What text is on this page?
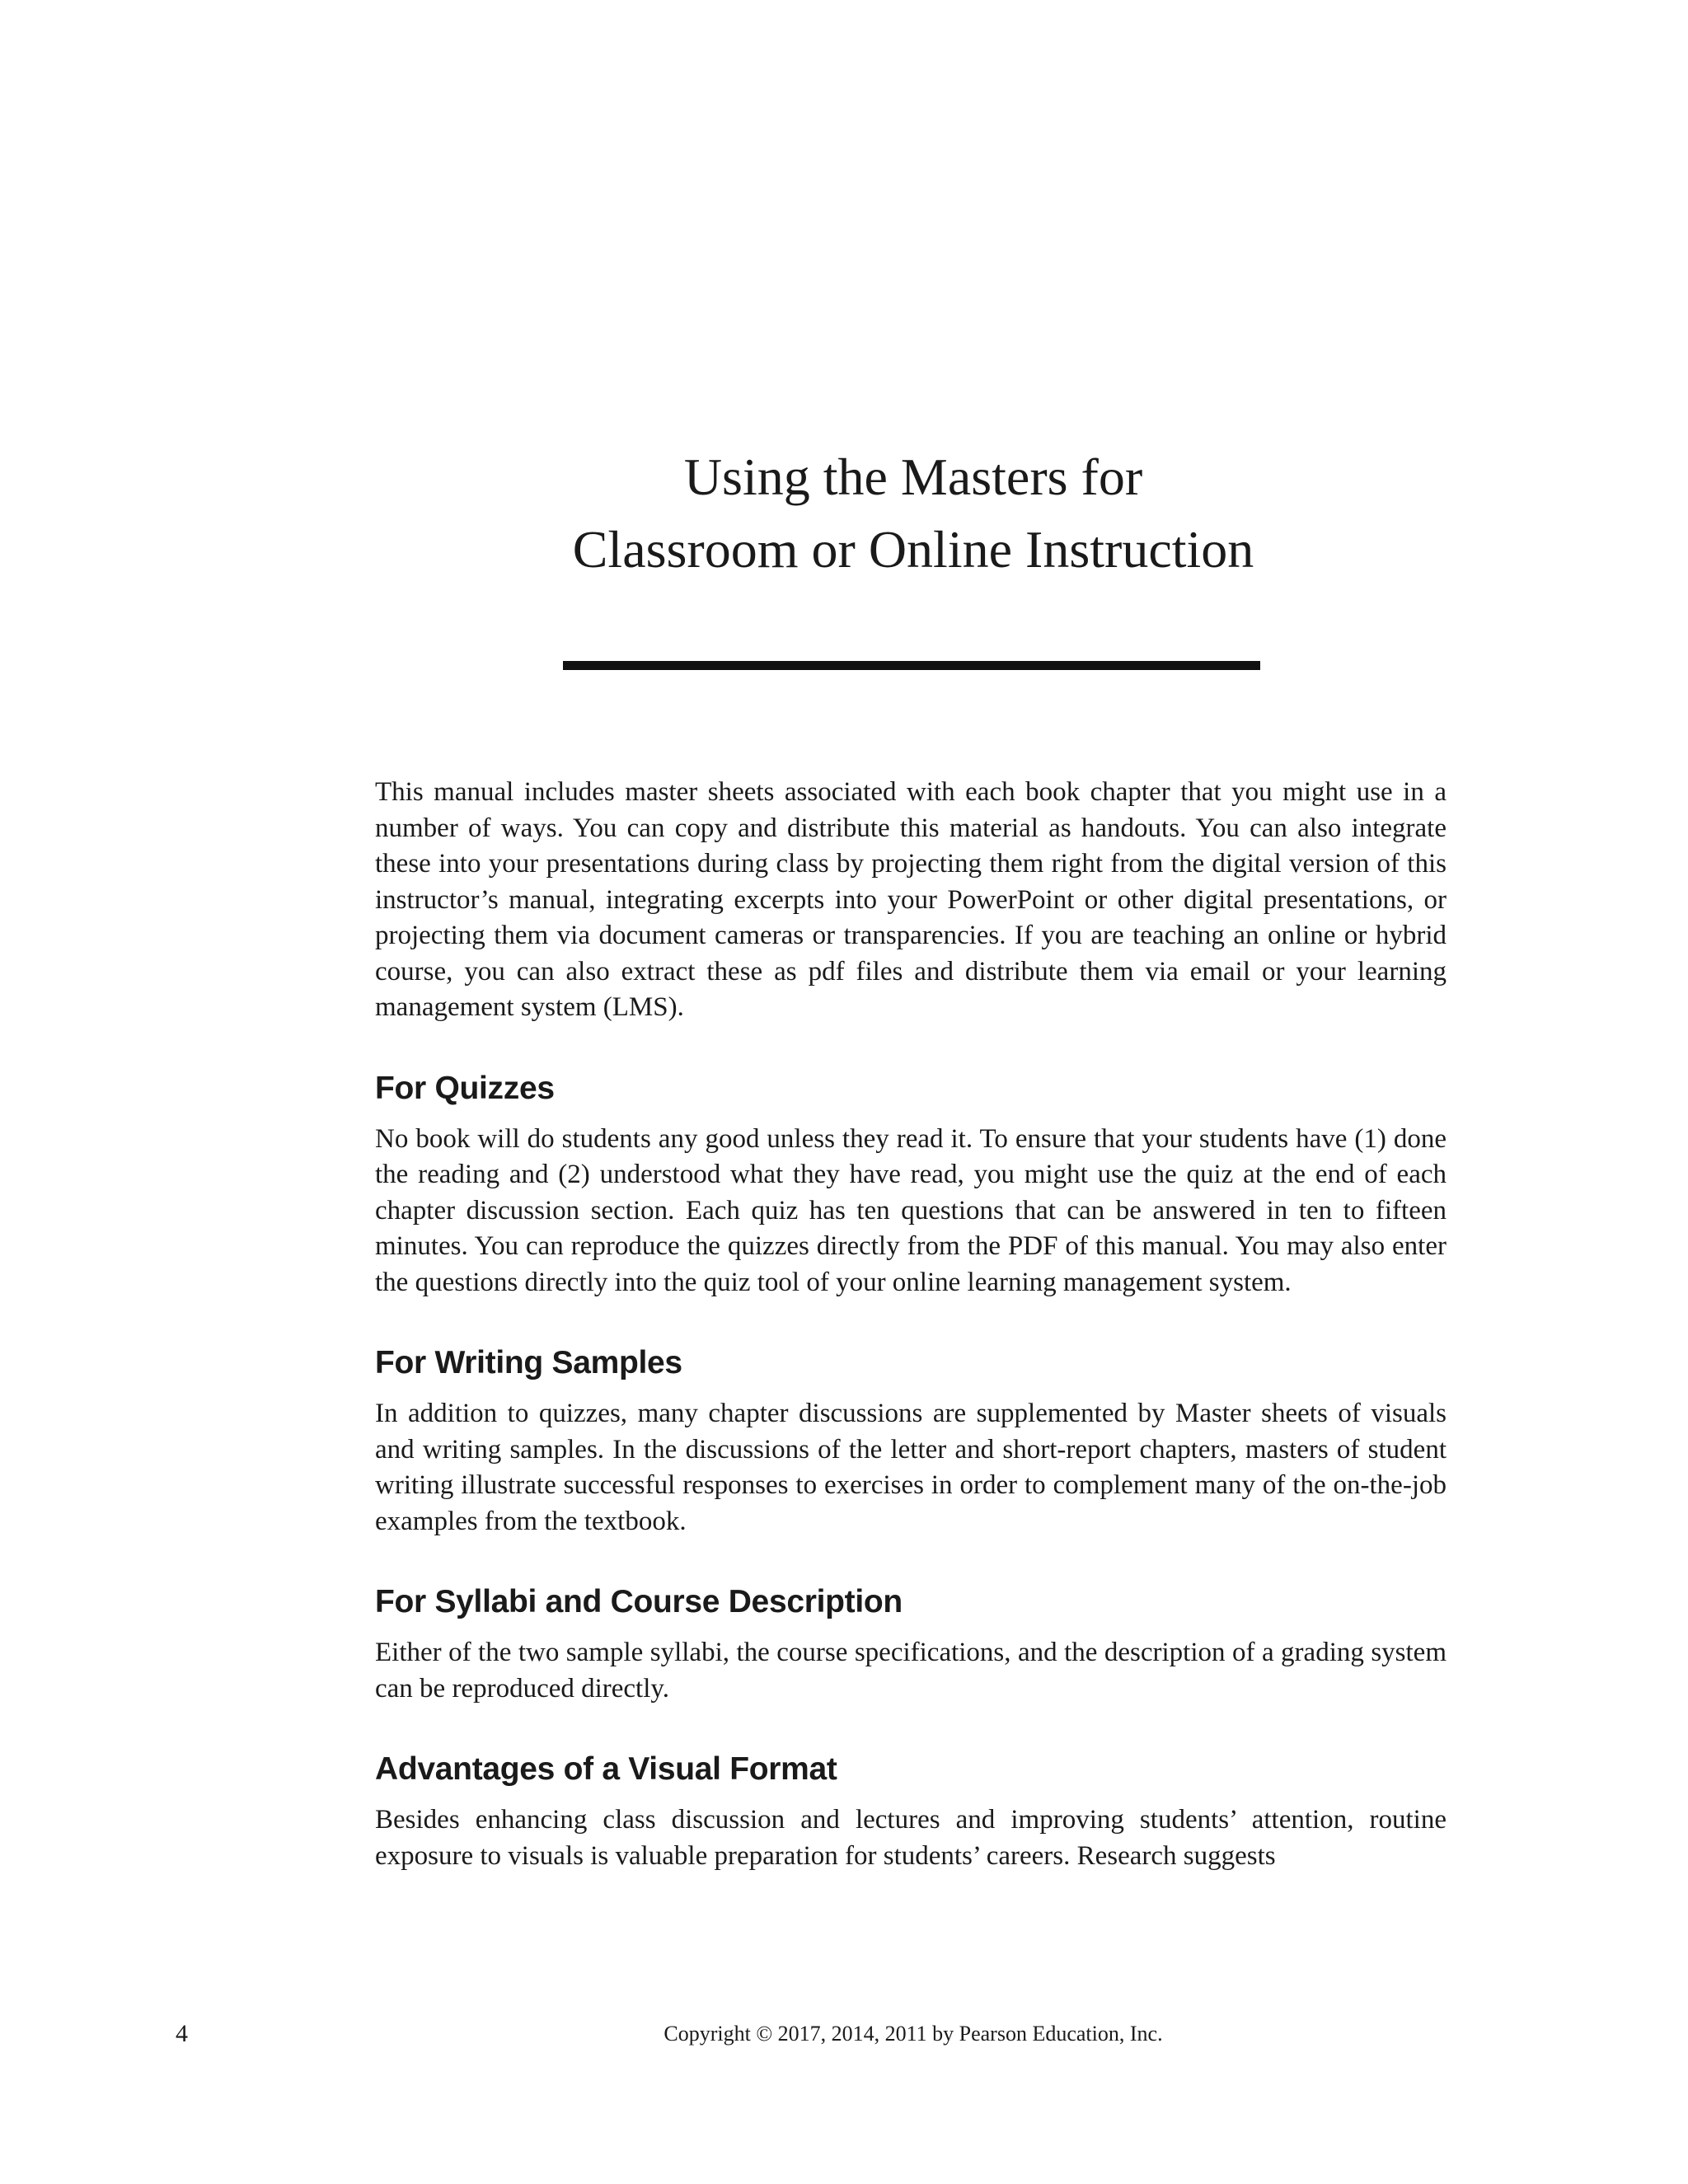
Using the Masters for
Classroom or Online Instruction

This manual includes master sheets associated with each book chapter that you might use in a number of ways. You can copy and distribute this material as handouts. You can also integrate these into your presentations during class by projecting them right from the digital version of this instructor’s manual, integrating excerpts into your PowerPoint or other digital presentations, or projecting them via document cameras or transparencies. If you are teaching an online or hybrid course, you can also extract these as pdf files and distribute them via email or your learning management system (LMS).

For Quizzes

No book will do students any good unless they read it. To ensure that your students have (1) done the reading and (2) understood what they have read, you might use the quiz at the end of each chapter discussion section. Each quiz has ten questions that can be answered in ten to fifteen minutes. You can reproduce the quizzes directly from the PDF of this manual. You may also enter the questions directly into the quiz tool of your online learning management system.

For Writing Samples

In addition to quizzes, many chapter discussions are supplemented by Master sheets of visuals and writing samples. In the discussions of the letter and short-report chapters, masters of student writing illustrate successful responses to exercises in order to complement many of the on-the-job examples from the textbook.

For Syllabi and Course Description

Either of the two sample syllabi, the course specifications, and the description of a grading system can be reproduced directly.

Advantages of a Visual Format

Besides enhancing class discussion and lectures and improving students’ attention, routine exposure to visuals is valuable preparation for students’ careers. Research suggests

4	Copyright © 2017, 2014, 2011 by Pearson Education, Inc.
